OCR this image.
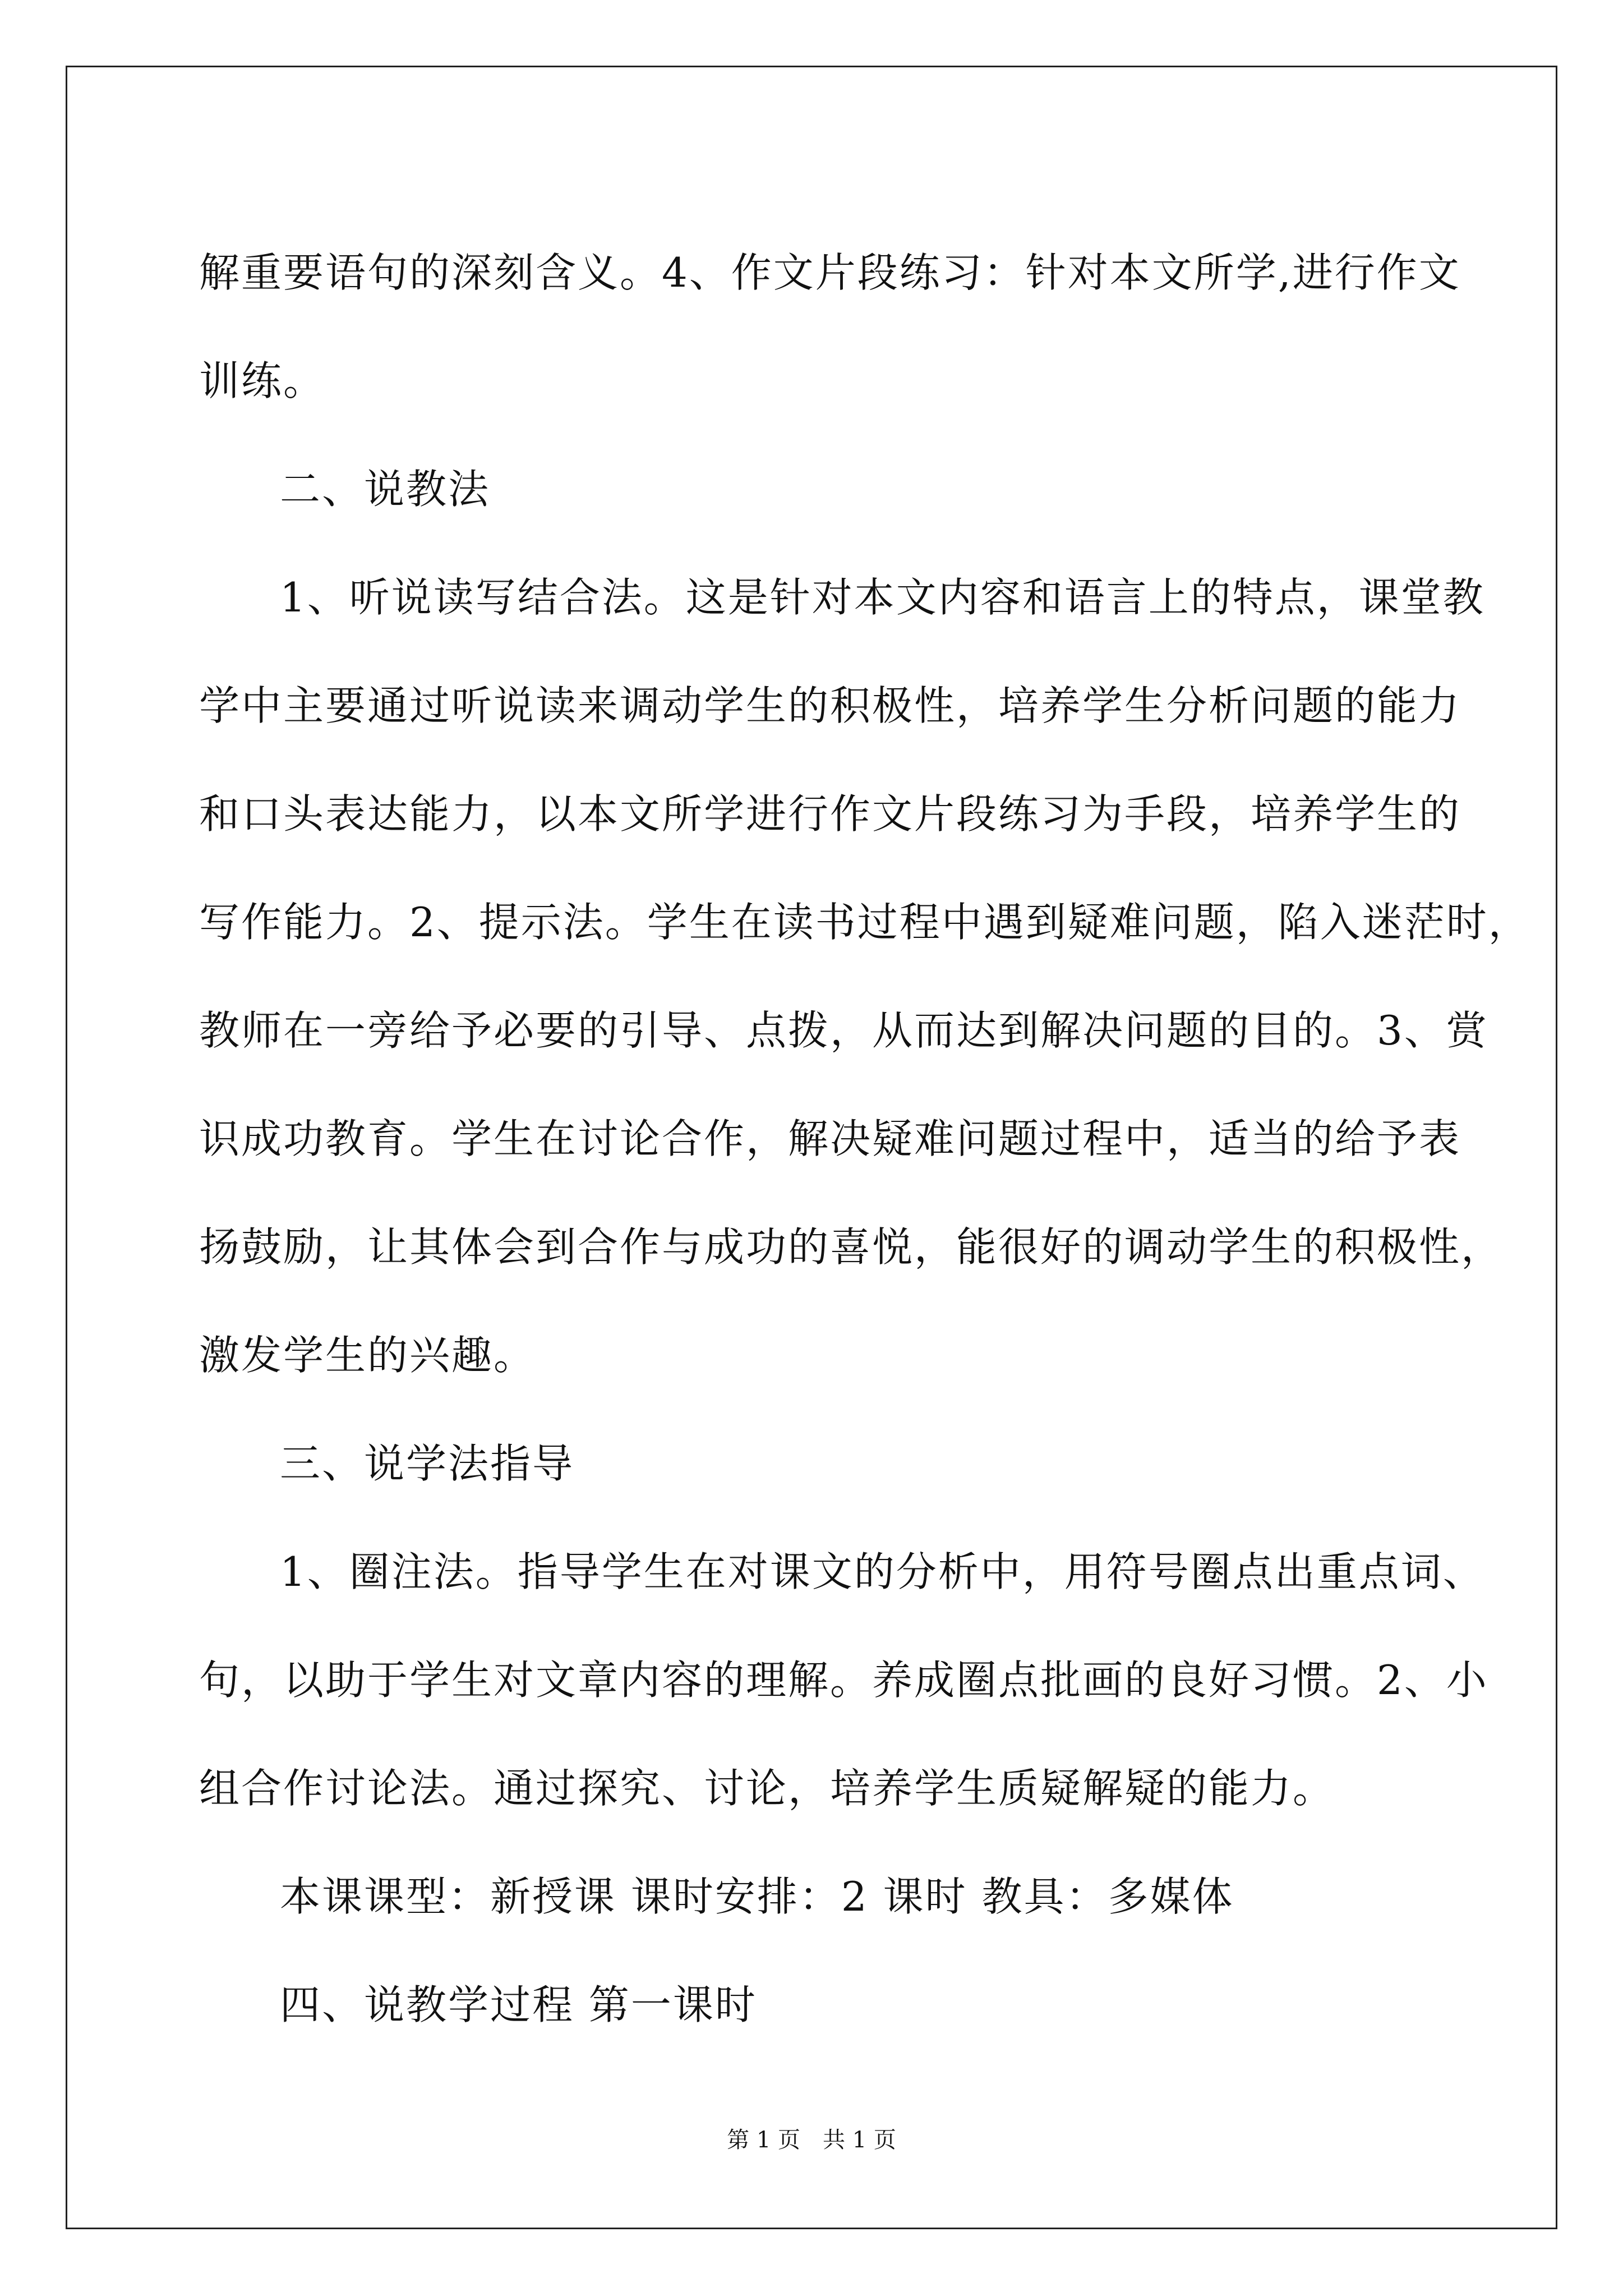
解重要语句的深刻含义。4、作文片段练习：针对本文所学,进行作文
训练。
二、说教法
1、听说读写结合法。这是针对本文内容和语言上的特点，课堂教
学中主要通过听说读来调动学生的积极性，培养学生分析问题的能力
和口头表达能力，以本文所学进行作文片段练习为手段，培养学生的
写作能力。2、提示法。学生在读书过程中遇到疑难问题，陷入迷茫时，
教师在一旁给予必要的引导、点拨，从而达到解决问题的目的。3、赏
识成功教育。学生在讨论合作，解决疑难问题过程中，适当的给予表
扬鼓励，让其体会到合作与成功的喜悦，能很好的调动学生的积极性，
激发学生的兴趣。
三、说学法指导
1、圈注法。指导学生在对课文的分析中，用符号圈点出重点词、
句，以助于学生对文章内容的理解。养成圈点批画的良好习惯。2、小
组合作讨论法。通过探究、讨论，培养学生质疑解疑的能力。
本课课型：新授课 课时安排：2 课时 教具：多媒体
四、说教学过程 第一课时
第 1 页　共 1 页
